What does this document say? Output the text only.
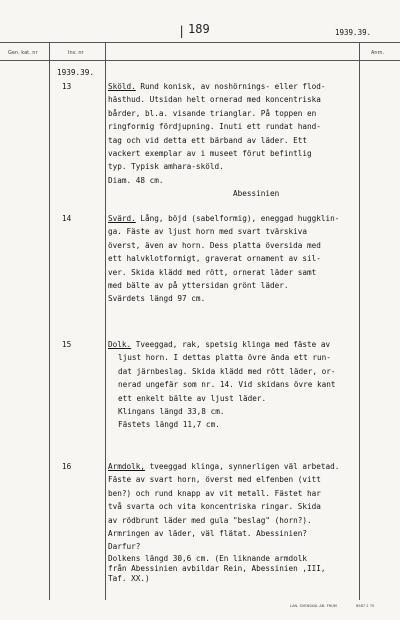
| 189	1939.39.
Gen. kat. nr	Inv. nr	Anm.
1939.39.
13	Sköld. Rund konisk, av noshörnings- eller flod-
hästhud. Utsidan helt ornerad med koncentriska
bårder, bl.a. visande trianglar. På toppen en
ringformig fördjupning. Inuti ett rundat hand-
tag och vid detta ett bärband av läder. Ett
vackert exemplar av i museet förut befintlig
typ. Typisk amhara-sköld.
Diam. 48 cm.
Abessinien
14	Svärd. Lång, böjd (sabelformig), eneggad huggklin-
ga. Fäste av ljust horn med svart tvärskiva
överst, även av horn. Dess platta översida med
ett halvklotformigt, graverat ornament av sil-
ver. Skida klädd med rött, ornerat läder samt
med bälte av på yttersidan grönt läder.
Svärdets längd 97 cm.
15	Dolk. Tveeggad, rak, spetsig klinga med fäste av
ljust horn. I dettas platta övre ända ett run-
dat järnbeslag. Skida klädd med rött läder, or-
nerad ungefär som nr. 14. Vid skidans övre kant
ett enkelt bälte av ljust läder.
Klingans längd 33,8 cm.
Fästets längd 11,7 cm.
16	Armdolk, tveeggad klinga, synnerligen väl arbetad.
Fäste av svart horn, överst med elfenben (vitt
ben?) och rund knapp av vit metall. Fästet har
två svarta och vita koncentriska ringar. Skida
av rödbrunt läder med gula "beslag" (horn?).
Armringen av läder, väl flätat. Abessinien?
Darfur?
Dolkens längd 30,6 cm. (En liknande armdolk
från Abessinien avbildar Rein, Abessinien ,III,
Taf. XX.)
LAN. SVENSKAL AB. FRUM	8987 2 70
